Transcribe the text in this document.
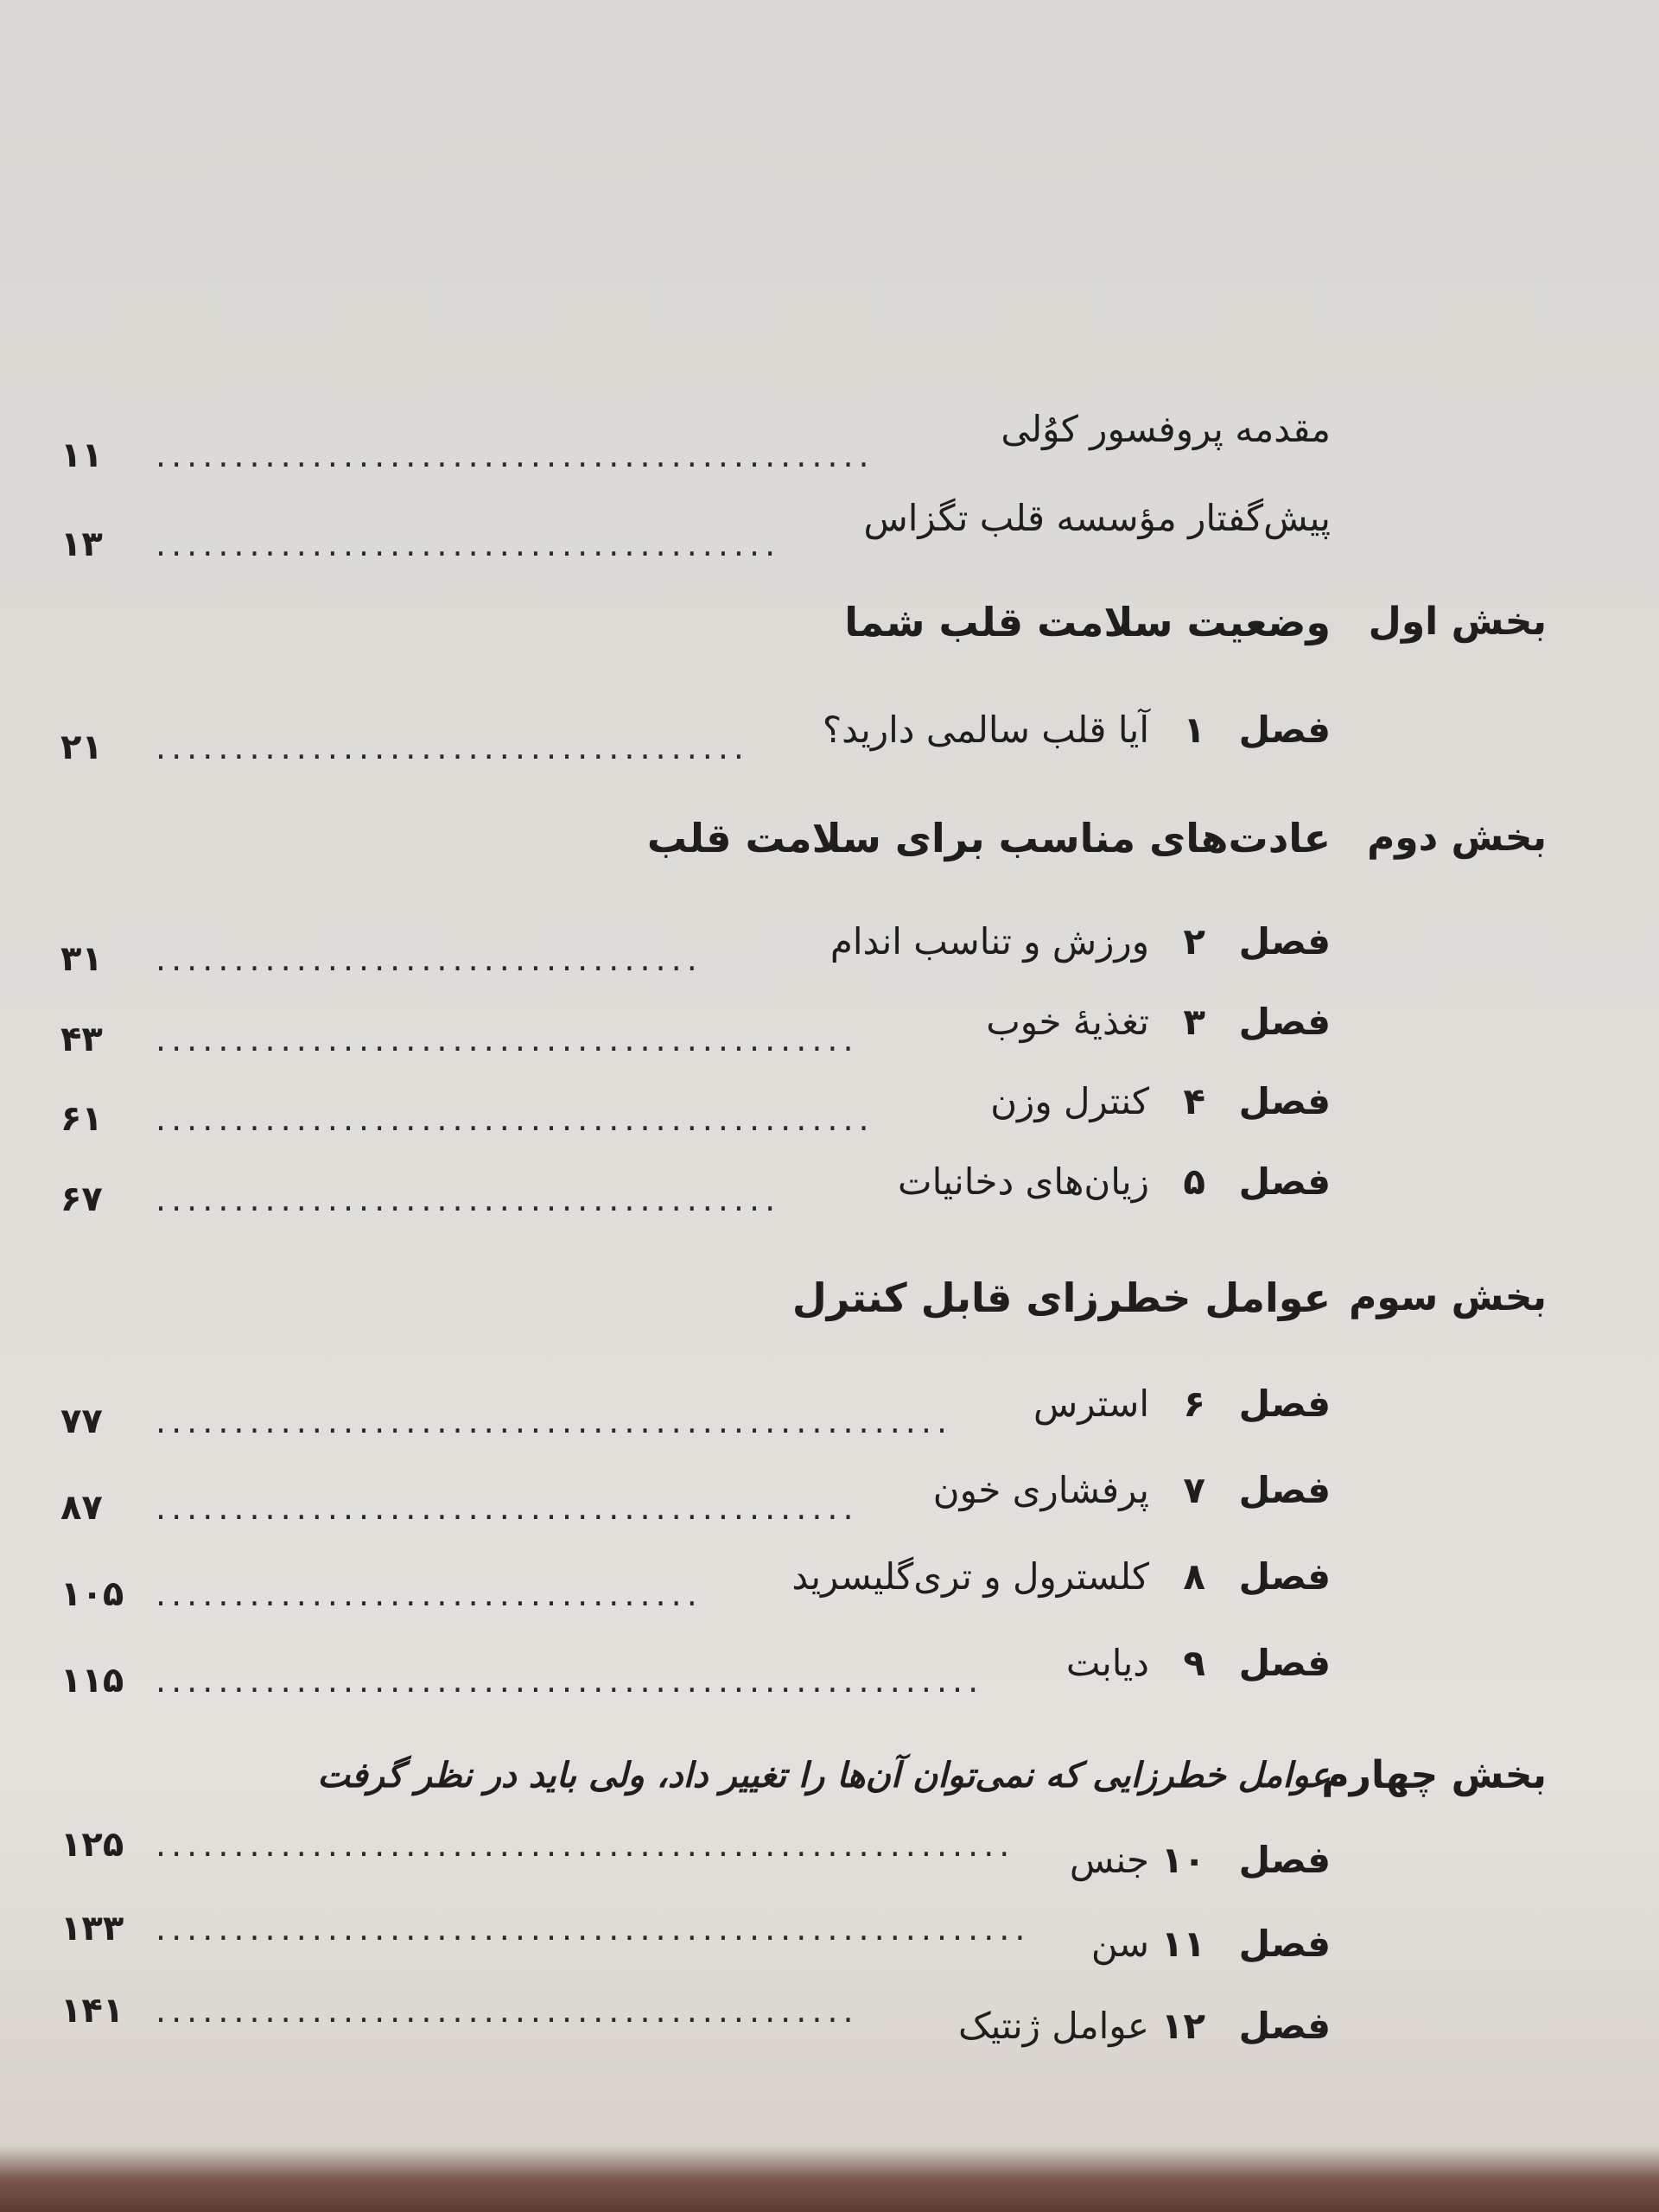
مقدمه پروفسور کوُلی
..............................................
۱۱
پیش‌گفتار مؤسسه قلب تگزاس
........................................
۱۳
بخش اول
وضعیت سلامت قلب شما
فصل
۱
آیا قلب سالمی دارید؟
......................................
۲۱
بخش دوم
عادت‌های مناسب برای سلامت قلب
فصل
۲
ورزش و تناسب اندام
...................................
۳۱
فصل
۳
تغذیهٔ خوب
.............................................
۴۳
فصل
۴
کنترل وزن
..............................................
۶۱
فصل
۵
زیان‌های دخانیات
........................................
۶۷
بخش سوم
عوامل خطرزای قابل کنترل
فصل
۶
استرس
...................................................
۷۷
فصل
۷
پرفشاری خون
.............................................
۸۷
فصل
۸
کلسترول و تری‌گلیسرید
...................................
۱۰۵
فصل
۹
دیابت
.....................................................
۱۱۵
بخش چهارم
عوامل خطرزایی که نمی‌توان آن‌ها را تغییر داد، ولی باید در نظر گرفت
فصل
۱۰
جنس
.......................................................
۱۲۵
فصل
۱۱
سن
........................................................
۱۳۳
فصل
۱۲
عوامل ژنتیک
.............................................
۱۴۱
